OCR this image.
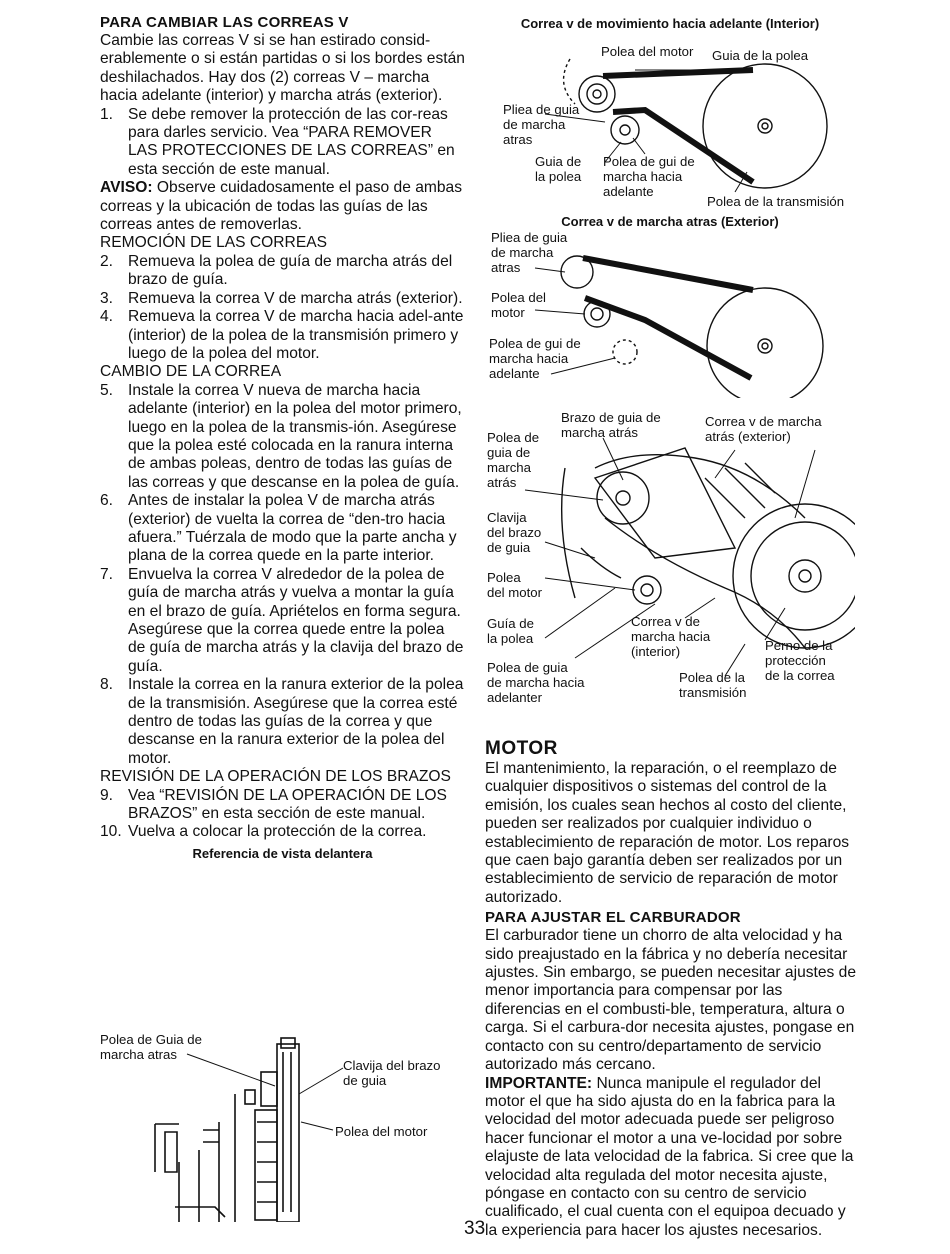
PARA CAMBIAR LAS CORREAS V
Cambie las correas V si se han estirado consid-erablemente o si están partidas o si los bordes están deshilachados. Hay dos (2) correas V – marcha hacia adelante (interior) y marcha atrás (exterior).
1. Se debe remover la protección de las cor-reas para darles servicio. Vea “PARA REMOVER LAS PROTECCIONES DE LAS CORREAS” en esta sección de este manual.
AVISO: Observe cuidadosamente el paso de ambas correas y la ubicación de todas las guías de las correas antes de removerlas.
REMOCIÓN DE LAS CORREAS
2. Remueva la polea de guía de marcha atrás del brazo de guía.
3. Remueva la correa V de marcha atrás (exterior).
4. Remueva la correa V de marcha hacia adel-ante (interior) de la polea de la transmisión primero y luego de la polea del motor.
CAMBIO DE LA CORREA
5. Instale la correa V nueva de marcha hacia adelante (interior) en la polea del motor primero, luego en la polea de la transmis-ión. Asegúrese que la polea esté colocada en la ranura interna de ambas poleas, dentro de todas las guías de las correas y que descanse en la polea de guía.
6. Antes de instalar la polea V de marcha atrás (exterior) de vuelta la correa de “den-tro hacia afuera.” Tuérzala de modo que la parte ancha y plana de la correa quede en la parte interior.
7. Envuelva la correa V alrededor de la polea de guía de marcha atrás y vuelva a montar la guía en el brazo de guía. Apriételos en forma segura. Asegúrese que la correa quede entre la polea de guía de marcha atrás y la clavija del brazo de guía.
8. Instale la correa en la ranura exterior de la polea de la transmisión. Asegúrese que la correa esté dentro de todas las guías de la correa y que descanse en la ranura exterior de la polea del motor.
REVISIÓN DE LA OPERACIÓN DE LOS BRAZOS
9. Vea “REVISIÓN DE LA OPERACIÓN DE LOS BRAZOS” en esta sección de este manual.
10. Vuelva a colocar la protección de la correa.
Referencia de vista delantera
Polea de Guia de
marcha atras
Clavija del brazo
de guia
Polea del motor
Correa v de movimiento hacia adelante (Interior)
Polea del motor Guia de la polea
Pliea de guia
de marcha
atras
Guia de
la polea
Polea de gui de
marcha hacia
adelante
Polea de la transmisión
Correa v de marcha atras (Exterior)
Pliea de guia
de marcha
atras
Polea del
motor
Polea de gui de
marcha hacia
adelante
Brazo de guia de
marcha atrás
Correa v de marcha
atrás (exterior)
Polea de
guia de
marcha
atrás
Clavija
del brazo
de guia
Polea
del motor
Guía de
la polea
Correa v de
marcha hacia
(interior)	Perno de la
protección
de la correa
Polea de guia
de marcha hacia
adelanter
Polea de la
transmisión
MOTOR
El mantenimiento, la reparación, o el reemplazo de cualquier dispositivos o sistemas del control de la emisión, los cuales sean hechos al costo del cliente, pueden ser realizados por cualquier individuo o establecimiento de reparación de motor. Los reparos que caen bajo garantía deben ser realizados por un establecimiento de servicio de reparación de motor autorizado.
PARA AJUSTAR EL CARBURADOR
El carburador tiene un chorro de alta velocidad y ha sido preajustado en la fábrica y no debería necesitar ajustes. Sin embargo, se pueden necesitar ajustes de menor importancia para compensar por las diferencias en el combusti-ble, temperatura, altura o carga. Si el carbura-dor necesita ajustes, pongase en contacto con su centro/departamento de servicio autorizado más cercano.
IMPORTANTE: Nunca manipule el regulador del motor el que ha sido ajusta do en la fabrica para la velocidad del motor adecuada puede ser peligroso hacer funcionar el motor a una ve-locidad por sobre elajuste de lata velocidad de la fabrica. Si cree que la velocidad alta regulada del motor necesita ajuste, póngase en contacto con su centro de servicio cualificado, el cual cuenta con el equipoa decuado y la experiencia para hacer los ajustes necesarios.
33
